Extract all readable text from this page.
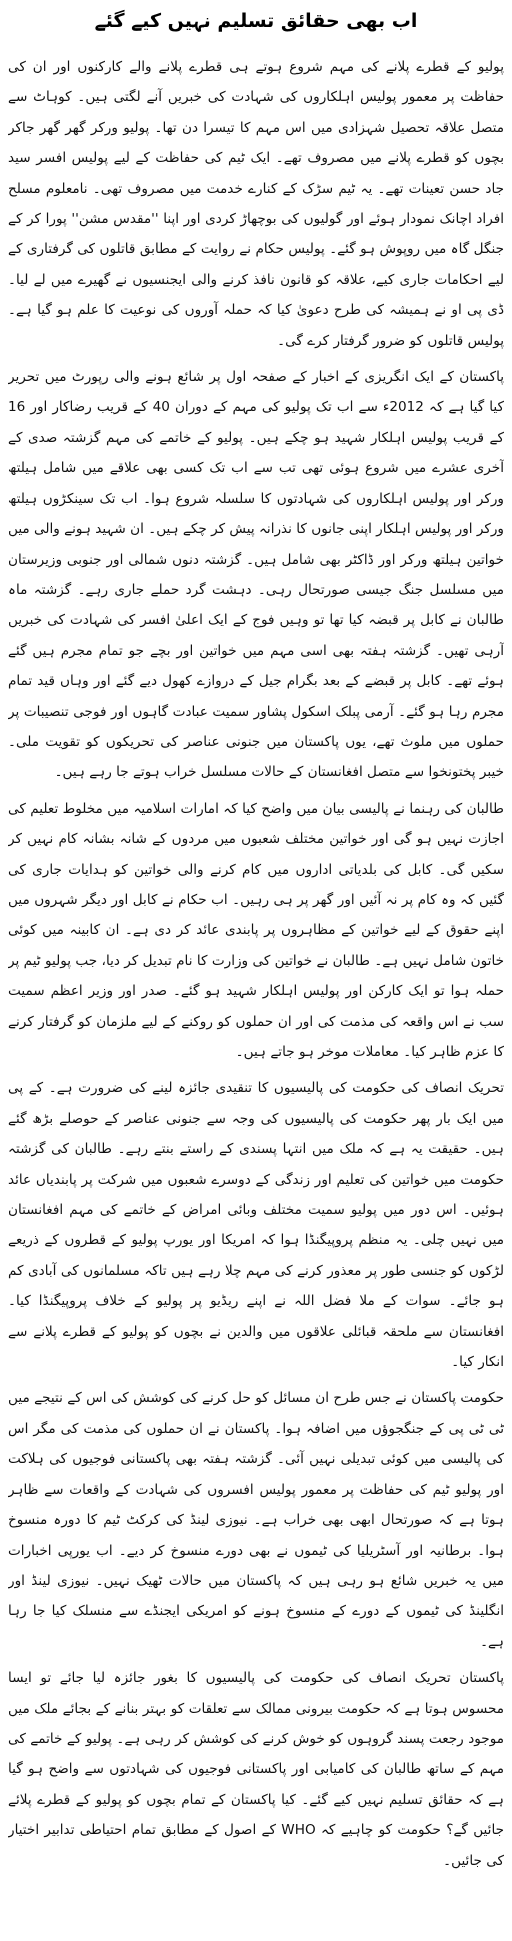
اب بھی حقائق تسلیم نہیں کیے گئے

پولیو کے قطرے پلانے کی مہم شروع ہوتے ہی قطرے پلانے والے کارکنوں اور ان کی حفاظت پر معمور پولیس اہلکاروں کی شہادت کی خبریں آنے لگتی ہیں۔ کوہاٹ سے متصل علاقہ تحصیل شہزادی میں اس مہم کا تیسرا دن تھا۔ پولیو ورکر گھر گھر جاکر بچوں کو قطرے پلانے میں مصروف تھے۔ ایک ٹیم کی حفاظت کے لیے پولیس افسر سید جاد حسن تعینات تھے۔ یہ ٹیم سڑک کے کنارے خدمت میں مصروف تھی۔ نامعلوم مسلح افراد اچانک نمودار ہوئے اور گولیوں کی بوچھاڑ کردی اور اپنا ''مقدس مشن'' پورا کر کے جنگل گاہ میں روپوش ہو گئے۔ پولیس حکام نے روایت کے مطابق قاتلوں کی گرفتاری کے لیے احکامات جاری کیے، علاقہ کو قانون نافذ کرنے والی ایجنسیوں نے گھیرے میں لے لیا۔ ڈی پی او نے ہمیشہ کی طرح دعویٰ کیا کہ حملہ آوروں کی نوعیت کا علم ہو گیا ہے۔ پولیس قاتلوں کو ضرور گرفتار کرے گی۔

پاکستان کے ایک انگریزی کے اخبار کے صفحہ اول پر شائع ہونے والی رپورٹ میں تحریر کیا گیا ہے کہ 2012ء سے اب تک پولیو کی مہم کے دوران 40 کے قریب رضاکار اور 16 کے قریب پولیس اہلکار شہید ہو چکے ہیں۔ پولیو کے خاتمے کی مہم گزشتہ صدی کے آخری عشرے میں شروع ہوئی تھی تب سے اب تک کسی بھی علاقے میں شامل ہیلتھ ورکر اور پولیس اہلکاروں کی شہادتوں کا سلسلہ شروع ہوا۔ اب تک سینکڑوں ہیلتھ ورکر اور پولیس اہلکار اپنی جانوں کا نذرانہ پیش کر چکے ہیں۔ ان شہید ہونے والی میں خواتین ہیلتھ ورکر اور ڈاکٹر بھی شامل ہیں۔ گزشتہ دنوں شمالی اور جنوبی وزیرستان میں مسلسل جنگ جیسی صورتحال رہی۔ دہشت گرد حملے جاری رہے۔ گزشتہ ماہ طالبان نے کابل پر قبضہ کیا تھا تو وہیں فوج کے ایک اعلیٰ افسر کی شہادت کی خبریں آرہی تھیں۔ گزشتہ ہفتہ بھی اسی مہم میں خواتین اور بچے جو تمام مجرم ہیں گئے ہوئے تھے۔ کابل پر قبضے کے بعد بگرام جیل کے دروازے کھول دیے گئے اور وہاں قید تمام مجرم رہا ہو گئے۔ آرمی پبلک اسکول پشاور سمیت عبادت گاہوں اور فوجی تنصیبات پر حملوں میں ملوث تھے، یوں پاکستان میں جنونی عناصر کی تحریکوں کو تقویت ملی۔ خیبر پختونخوا سے متصل افغانستان کے حالات مسلسل خراب ہوتے جا رہے ہیں۔

طالبان کی رہنما نے پالیسی بیان میں واضح کیا کہ امارات اسلامیہ میں مخلوط تعلیم کی اجازت نہیں ہو گی اور خواتین مختلف شعبوں میں مردوں کے شانہ بشانہ کام نہیں کر سکیں گی۔ کابل کی بلدیاتی اداروں میں کام کرنے والی خواتین کو ہدایات جاری کی گئیں کہ وہ کام پر نہ آئیں اور گھر پر ہی رہیں۔ اب حکام نے کابل اور دیگر شہروں میں اپنے حقوق کے لیے خواتین کے مظاہروں پر پابندی عائد کر دی ہے۔ ان کابینہ میں کوئی خاتون شامل نہیں ہے۔ طالبان نے خواتین کی وزارت کا نام تبدیل کر دیا، جب پولیو ٹیم پر حملہ ہوا تو ایک کارکن اور پولیس اہلکار شہید ہو گئے۔ صدر اور وزیر اعظم سمیت سب نے اس واقعہ کی مذمت کی اور ان حملوں کو روکنے کے لیے ملزمان کو گرفتار کرنے کا عزم ظاہر کیا۔ معاملات موخر ہو جاتے ہیں۔

تحریک انصاف کی حکومت کی پالیسیوں کا تنقیدی جائزہ لینے کی ضرورت ہے۔ کے پی میں ایک بار پھر حکومت کی پالیسیوں کی وجہ سے جنونی عناصر کے حوصلے بڑھ گئے ہیں۔ حقیقت یہ ہے کہ ملک میں انتہا پسندی کے راستے بنتے رہے۔ طالبان کی گزشتہ حکومت میں خواتین کی تعلیم اور زندگی کے دوسرے شعبوں میں شرکت پر پابندیاں عائد ہوئیں۔ اس دور میں پولیو سمیت مختلف وبائی امراض کے خاتمے کی مہم افغانستان میں نہیں چلی۔ یہ منظم پروپیگنڈا ہوا کہ امریکا اور یورپ پولیو کے قطروں کے ذریعے لڑکوں کو جنسی طور پر معذور کرنے کی مہم چلا رہے ہیں تاکہ مسلمانوں کی آبادی کم ہو جائے۔ سوات کے ملا فضل اللہ نے اپنے ریڈیو پر پولیو کے خلاف پروپیگنڈا کیا۔ افغانستان سے ملحقہ قبائلی علاقوں میں والدین نے بچوں کو پولیو کے قطرے پلانے سے انکار کیا۔

حکومت پاکستان نے جس طرح ان مسائل کو حل کرنے کی کوشش کی اس کے نتیجے میں ٹی ٹی پی کے جنگجوؤں میں اضافہ ہوا۔ پاکستان نے ان حملوں کی مذمت کی مگر اس کی پالیسی میں کوئی تبدیلی نہیں آئی۔ گزشتہ ہفتہ بھی پاکستانی فوجیوں کی ہلاکت اور پولیو ٹیم کی حفاظت پر معمور پولیس افسروں کی شہادت کے واقعات سے ظاہر ہوتا ہے کہ صورتحال ابھی بھی خراب ہے۔ نیوزی لینڈ کی کرکٹ ٹیم کا دورہ منسوخ ہوا۔ برطانیہ اور آسٹریلیا کی ٹیموں نے بھی دورے منسوخ کر دیے۔ اب یورپی اخبارات میں یہ خبریں شائع ہو رہی ہیں کہ پاکستان میں حالات ٹھیک نہیں۔ نیوزی لینڈ اور انگلینڈ کی ٹیموں کے دورے کے منسوخ ہونے کو امریکی ایجنڈے سے منسلک کیا جا رہا ہے۔

پاکستان تحریک انصاف کی حکومت کی پالیسیوں کا بغور جائزہ لیا جائے تو ایسا محسوس ہوتا ہے کہ حکومت بیرونی ممالک سے تعلقات کو بہتر بنانے کے بجائے ملک میں موجود رجعت پسند گروہوں کو خوش کرنے کی کوشش کر رہی ہے۔ پولیو کے خاتمے کی مہم کے ساتھ طالبان کی کامیابی اور پاکستانی فوجیوں کی شہادتوں سے واضح ہو گیا ہے کہ حقائق تسلیم نہیں کیے گئے۔ کیا پاکستان کے تمام بچوں کو پولیو کے قطرے پلائے جائیں گے؟ حکومت کو چاہیے کہ WHO کے اصول کے مطابق تمام احتیاطی تدابیر اختیار کی جائیں۔
